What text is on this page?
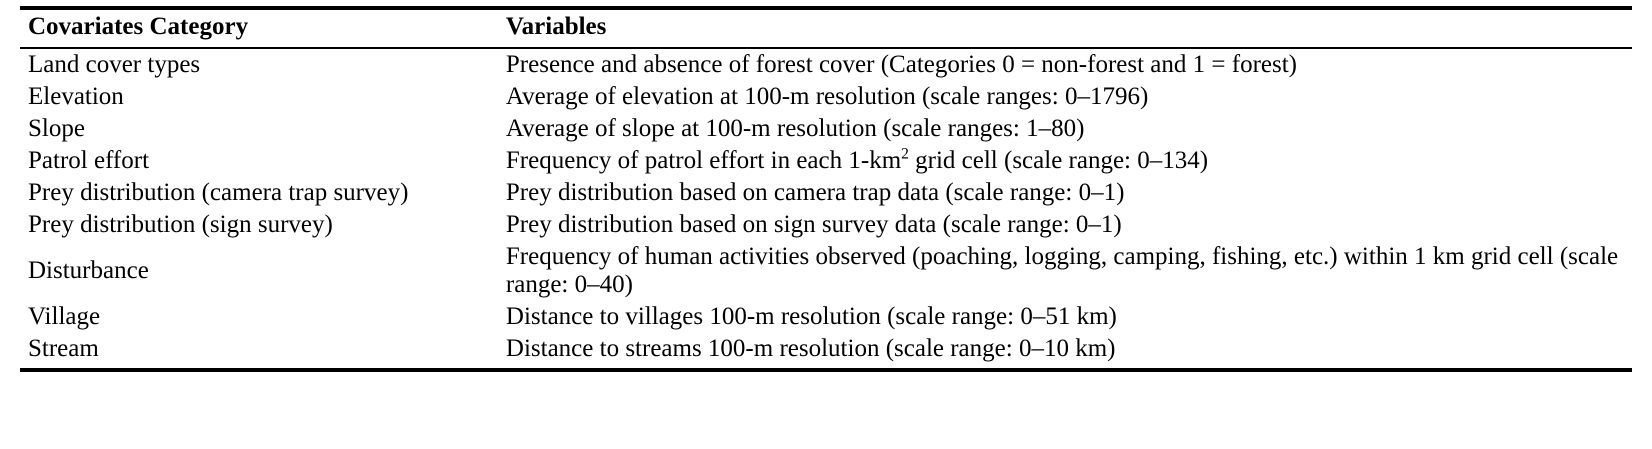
Covariates Category	Variables
Land cover types	Presence and absence of forest cover (Categories 0 = non-forest and 1 = forest)
Elevation	Average of elevation at 100-m resolution (scale ranges: 0–1796)
Slope	Average of slope at 100-m resolution (scale ranges: 1–80)
Patrol effort	Frequency of patrol effort in each $1-km^2$ grid cell (scale range: 0–134)
Prey distribution (camera trap survey)	Prey distribution based on camera trap data (scale range: 0–1)
Prey distribution (sign survey)	Prey distribution based on sign survey data (scale range: 0–1)
Disturbance	Frequency of human activities observed (poaching, logging, camping, fishing, etc.) within 1 km grid cell (scale range: 0–40)
Village	Distance to villages 100-m resolution (scale range: 0–51 km)
Stream	Distance to streams 100-m resolution (scale range: 0–10 km)
